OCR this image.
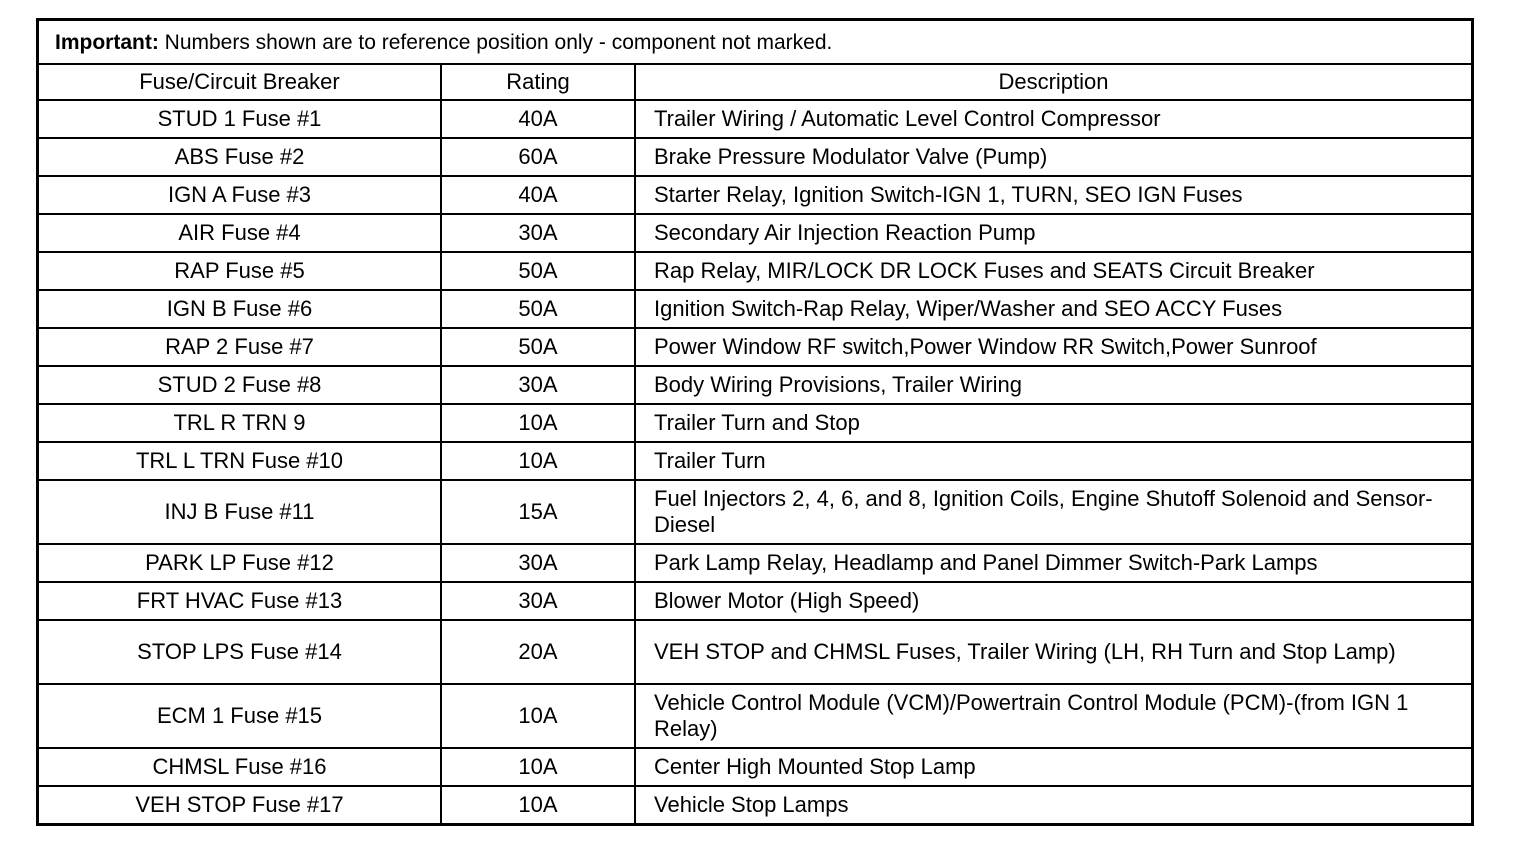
Important: Numbers shown are to reference position only - component not marked.
Fuse/Circuit Breaker	Rating	Description
STUD 1 Fuse #1	40A	Trailer Wiring / Automatic Level Control Compressor
ABS Fuse #2	60A	Brake Pressure Modulator Valve (Pump)
IGN A Fuse #3	40A	Starter Relay, Ignition Switch-IGN 1, TURN, SEO IGN Fuses
AIR Fuse #4	30A	Secondary Air Injection Reaction Pump
RAP Fuse #5	50A	Rap Relay, MIR/LOCK DR LOCK Fuses and SEATS Circuit Breaker
IGN B Fuse #6	50A	Ignition Switch-Rap Relay, Wiper/Washer and SEO ACCY Fuses
RAP 2 Fuse #7	50A	Power Window RF switch,Power Window RR Switch,Power Sunroof
STUD 2 Fuse #8	30A	Body Wiring Provisions, Trailer Wiring
TRL R TRN 9	10A	Trailer Turn and Stop
TRL L TRN Fuse #10	10A	Trailer Turn
INJ B Fuse #11	15A	Fuel Injectors 2, 4, 6, and 8, Ignition Coils, Engine Shutoff Solenoid and Sensor-Diesel
PARK LP Fuse #12	30A	Park Lamp Relay, Headlamp and Panel Dimmer Switch-Park Lamps
FRT HVAC Fuse #13	30A	Blower Motor (High Speed)
STOP LPS Fuse #14	20A	VEH STOP and CHMSL Fuses, Trailer Wiring (LH, RH Turn and Stop Lamp)
ECM 1 Fuse #15	10A	Vehicle Control Module (VCM)/Powertrain Control Module (PCM)-(from IGN 1 Relay)
CHMSL Fuse #16	10A	Center High Mounted Stop Lamp
VEH STOP Fuse #17	10A	Vehicle Stop Lamps
